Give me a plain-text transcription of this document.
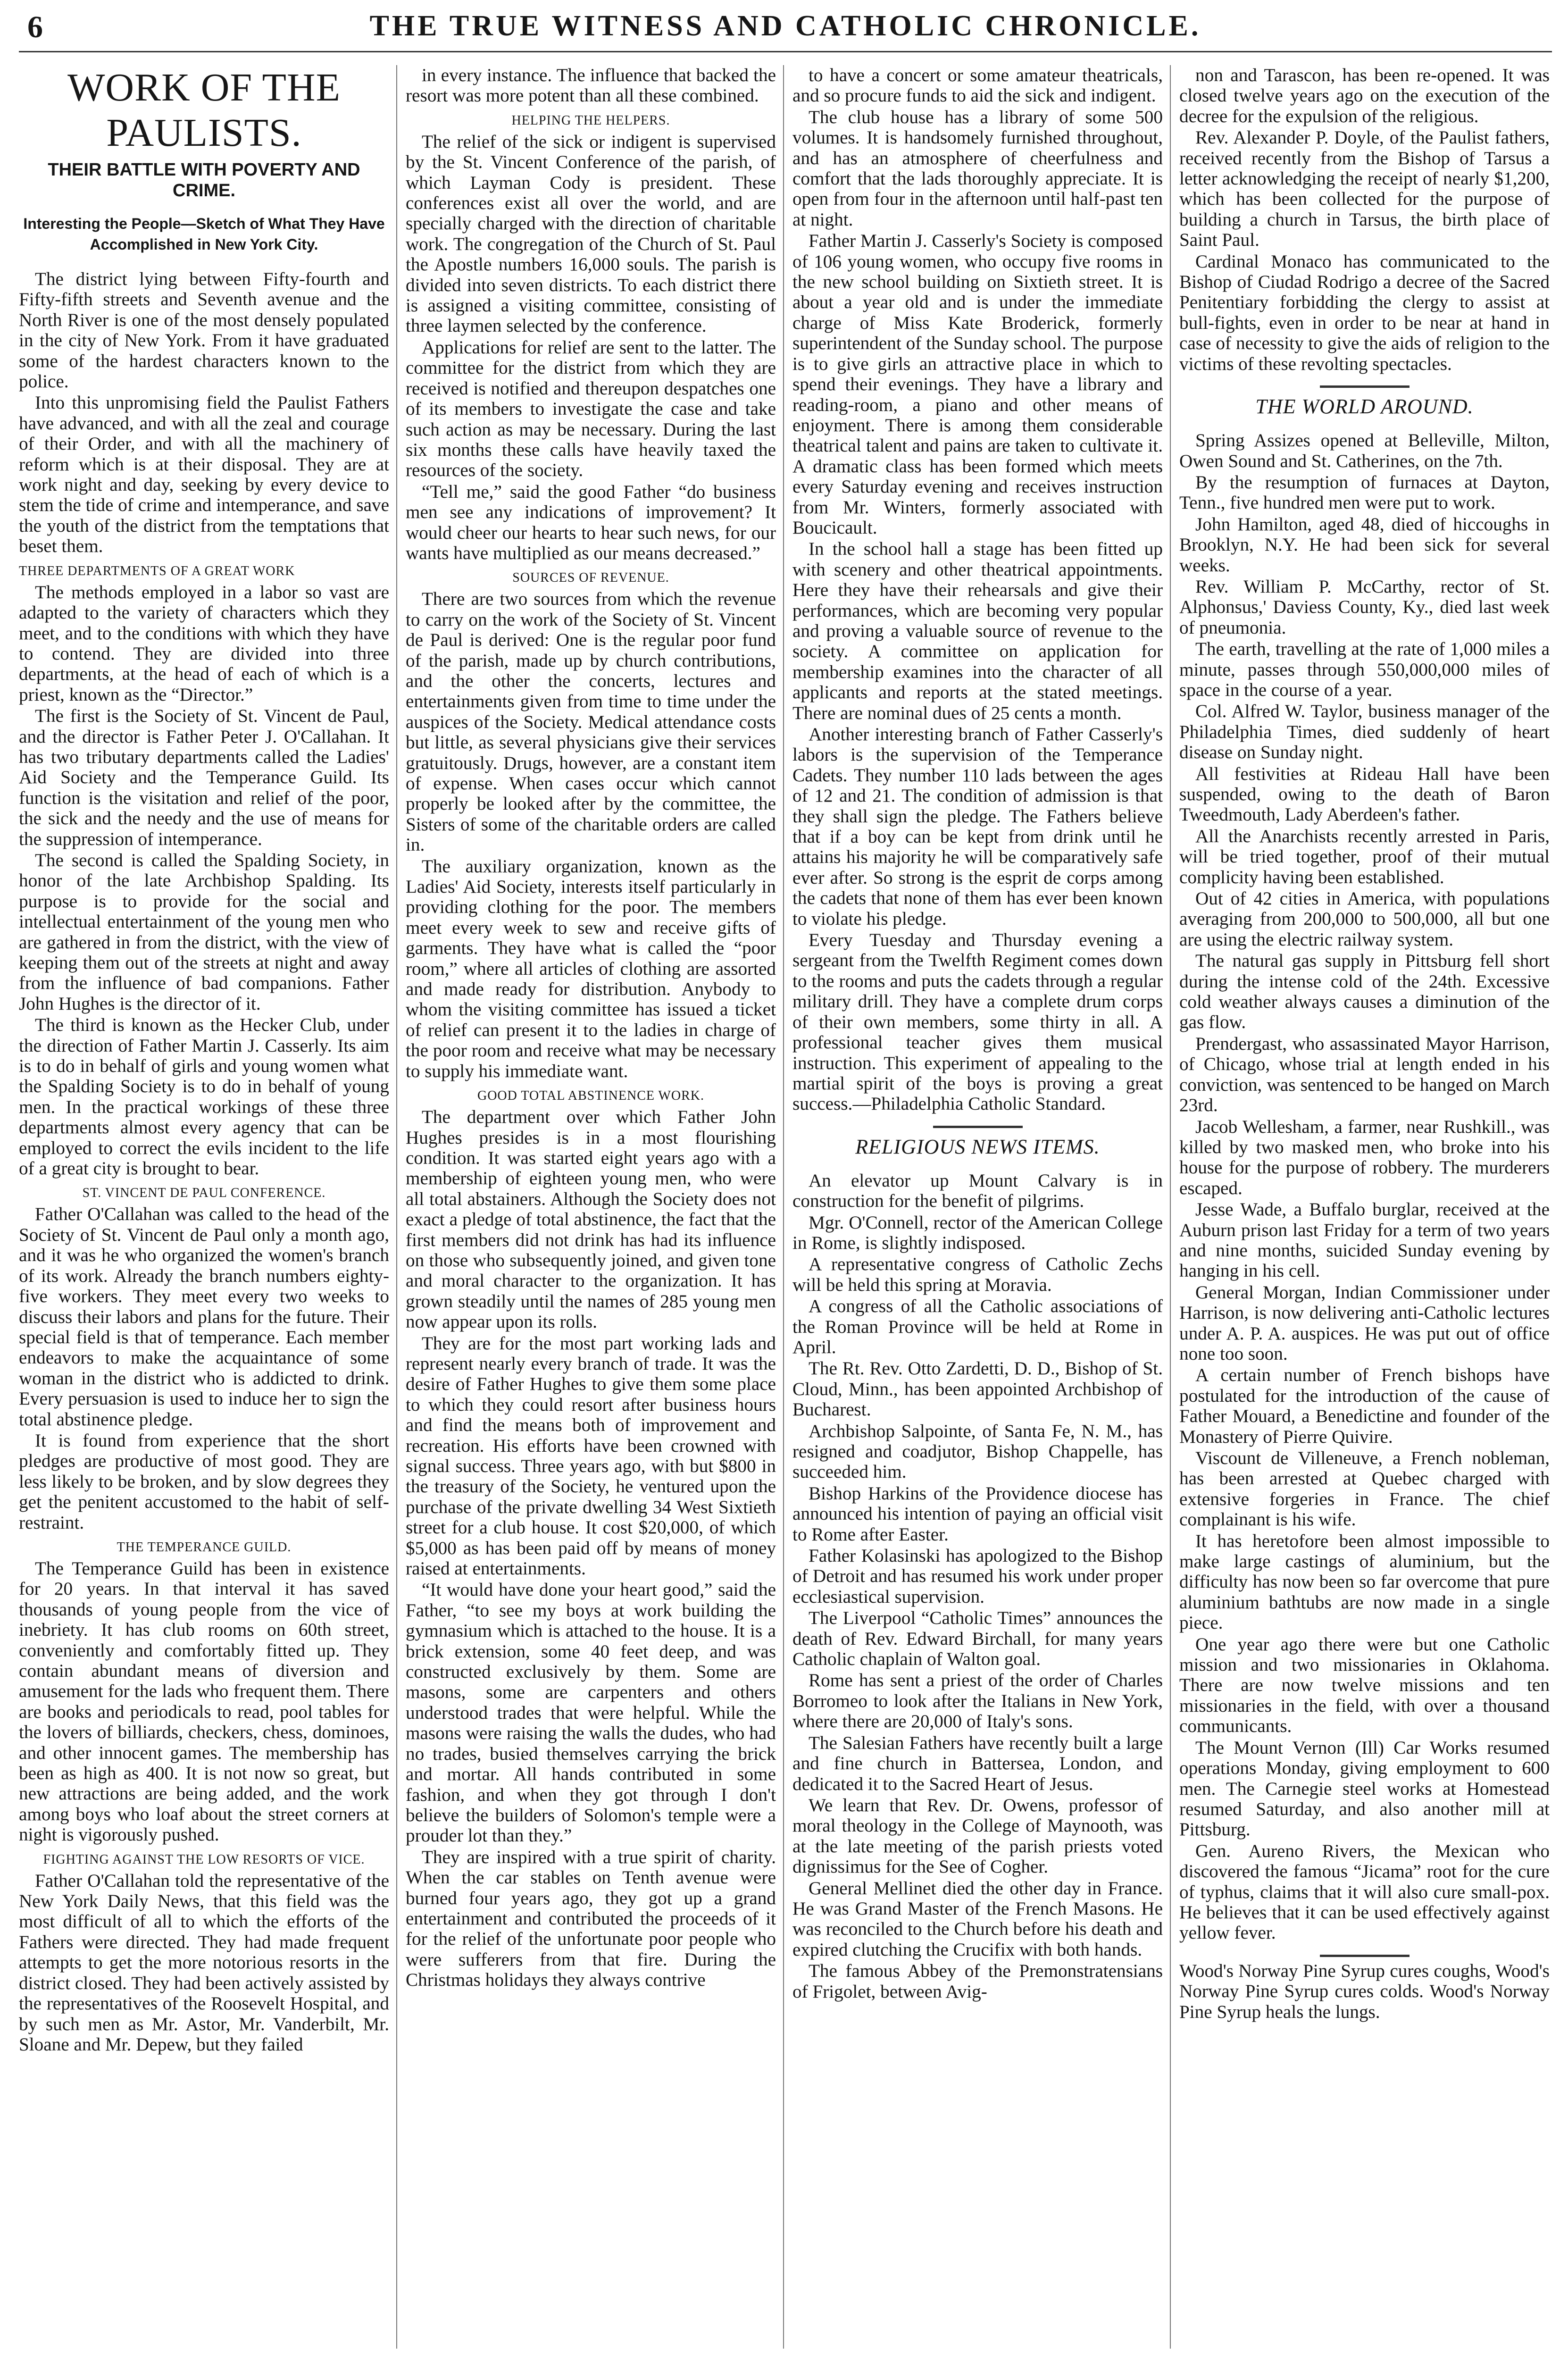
6	THE TRUE WITNESS AND CATHOLIC CHRONICLE.
WORK OF THE PAULISTS.
THEIR BATTLE WITH POVERTY AND CRIME.
Interesting the People—Sketch of What They Have Accomplished in New York City.

The district lying between Fifty-fourth and Fifty-fifth streets and Seventh avenue and the North River is one of the most densely populated in the city of New York. From it have graduated some of the hardest characters known to the police.

Into this unpromising field the Paulist Fathers have advanced, and with all the zeal and courage of their Order, and with all the machinery of reform which is at their disposal. They are at work night and day, seeking by every device to stem the tide of crime and intemperance, and save the youth of the district from the temptations that beset them.

THREE DEPARTMENTS OF A GREAT WORK

The methods employed in a labor so vast are adapted to the variety of characters which they meet, and to the conditions with which they have to contend. They are divided into three departments, at the head of each of which is a priest, known as the “Director.”

The first is the Society of St. Vincent de Paul, and the director is Father Peter J. O'Callahan. It has two tributary departments called the Ladies' Aid Society and the Temperance Guild. Its function is the visitation and relief of the poor, the sick and the needy and the use of means for the suppression of intemperance.

The second is called the Spalding Society, in honor of the late Archbishop Spalding. Its purpose is to provide for the social and intellectual entertainment of the young men who are gathered in from the district, with the view of keeping them out of the streets at night and away from the influence of bad companions. Father John Hughes is the director of it.

The third is known as the Hecker Club, under the direction of Father Martin J. Casserly. Its aim is to do in behalf of girls and young women what the Spalding Society is to do in behalf of young men. In the practical workings of these three departments almost every agency that can be employed to correct the evils incident to the life of a great city is brought to bear.

ST. VINCENT DE PAUL CONFERENCE.

Father O'Callahan was called to the head of the Society of St. Vincent de Paul only a month ago, and it was he who organized the women's branch of its work. Already the branch numbers eighty-five workers. They meet every two weeks to discuss their labors and plans for the future. Their special field is that of temperance. Each member endeavors to make the acquaintance of some woman in the district who is addicted to drink. Every persuasion is used to induce her to sign the total abstinence pledge.

It is found from experience that the short pledges are productive of most good. They are less likely to be broken, and by slow degrees they get the penitent accustomed to the habit of self-restraint.

THE TEMPERANCE GUILD.

The Temperance Guild has been in existence for 20 years. In that interval it has saved thousands of young people from the vice of inebriety. It has club rooms on 60th street, conveniently and comfortably fitted up. They contain abundant means of diversion and amusement for the lads who frequent them. There are books and periodicals to read, pool tables for the lovers of billiards, checkers, chess, dominoes, and other innocent games. The membership has been as high as 400. It is not now so great, but new attractions are being added, and the work among boys who loaf about the street corners at night is vigorously pushed.

FIGHTING AGAINST THE LOW RESORTS OF VICE.

Father O'Callahan told the representative of the New York Daily News, that this field was the most difficult of all to which the efforts of the Fathers were directed. They had made frequent attempts to get the more notorious resorts in the district closed. They had been actively assisted by the representatives of the Roosevelt Hospital, and by such men as Mr. Astor, Mr. Vanderbilt, Mr. Sloane and Mr. Depew, but they failed

in every instance. The influence that backed the resort was more potent than all these combined.

HELPING THE HELPERS.

The relief of the sick or indigent is supervised by the St. Vincent Conference of the parish, of which Layman Cody is president. These conferences exist all over the world, and are specially charged with the direction of charitable work. The congregation of the Church of St. Paul the Apostle numbers 16,000 souls. The parish is divided into seven districts. To each district there is assigned a visiting committee, consisting of three laymen selected by the conference.

Applications for relief are sent to the latter. The committee for the district from which they are received is notified and thereupon despatches one of its members to investigate the case and take such action as may be necessary. During the last six months these calls have heavily taxed the resources of the society.

“Tell me,” said the good Father “do business men see any indications of improvement? It would cheer our hearts to hear such news, for our wants have multiplied as our means decreased.”

SOURCES OF REVENUE.

There are two sources from which the revenue to carry on the work of the Society of St. Vincent de Paul is derived: One is the regular poor fund of the parish, made up by church contributions, and the other the concerts, lectures and entertainments given from time to time under the auspices of the Society. Medical attendance costs but little, as several physicians give their services gratuitously. Drugs, however, are a constant item of expense. When cases occur which cannot properly be looked after by the committee, the Sisters of some of the charitable orders are called in.

The auxiliary organization, known as the Ladies' Aid Society, interests itself particularly in providing clothing for the poor. The members meet every week to sew and receive gifts of garments. They have what is called the “poor room,” where all articles of clothing are assorted and made ready for distribution. Anybody to whom the visiting committee has issued a ticket of relief can present it to the ladies in charge of the poor room and receive what may be necessary to supply his immediate want.

GOOD TOTAL ABSTINENCE WORK.

The department over which Father John Hughes presides is in a most flourishing condition. It was started eight years ago with a membership of eighteen young men, who were all total abstainers. Although the Society does not exact a pledge of total abstinence, the fact that the first members did not drink has had its influence on those who subsequently joined, and given tone and moral character to the organization. It has grown steadily until the names of 285 young men now appear upon its rolls.

They are for the most part working lads and represent nearly every branch of trade. It was the desire of Father Hughes to give them some place to which they could resort after business hours and find the means both of improvement and recreation. His efforts have been crowned with signal success. Three years ago, with but $800 in the treasury of the Society, he ventured upon the purchase of the private dwelling 34 West Sixtieth street for a club house. It cost $20,000, of which $5,000 as has been paid off by means of money raised at entertainments.

“It would have done your heart good,” said the Father, “to see my boys at work building the gymnasium which is attached to the house. It is a brick extension, some 40 feet deep, and was constructed exclusively by them. Some are masons, some are carpenters and others understood trades that were helpful. While the masons were raising the walls the dudes, who had no trades, busied themselves carrying the brick and mortar. All hands contributed in some fashion, and when they got through I don't believe the builders of Solomon's temple were a prouder lot than they.”

They are inspired with a true spirit of charity. When the car stables on Tenth avenue were burned four years ago, they got up a grand entertainment and contributed the proceeds of it for the relief of the unfortunate poor people who were sufferers from that fire. During the Christmas holidays they always contrive

to have a concert or some amateur theatricals, and so procure funds to aid the sick and indigent.

The club house has a library of some 500 volumes. It is handsomely furnished throughout, and has an atmosphere of cheerfulness and comfort that the lads thoroughly appreciate. It is open from four in the afternoon until half-past ten at night.

Father Martin J. Casserly's Society is composed of 106 young women, who occupy five rooms in the new school building on Sixtieth street. It is about a year old and is under the immediate charge of Miss Kate Broderick, formerly superintendent of the Sunday school. The purpose is to give girls an attractive place in which to spend their evenings. They have a library and reading-room, a piano and other means of enjoyment. There is among them considerable theatrical talent and pains are taken to cultivate it. A dramatic class has been formed which meets every Saturday evening and receives instruction from Mr. Winters, formerly associated with Boucicault.

In the school hall a stage has been fitted up with scenery and other theatrical appointments. Here they have their rehearsals and give their performances, which are becoming very popular and proving a valuable source of revenue to the society. A committee on application for membership examines into the character of all applicants and reports at the stated meetings. There are nominal dues of 25 cents a month.

Another interesting branch of Father Casserly's labors is the supervision of the Temperance Cadets. They number 110 lads between the ages of 12 and 21. The condition of admission is that they shall sign the pledge. The Fathers believe that if a boy can be kept from drink until he attains his majority he will be comparatively safe ever after. So strong is the esprit de corps among the cadets that none of them has ever been known to violate his pledge.

Every Tuesday and Thursday evening a sergeant from the Twelfth Regiment comes down to the rooms and puts the cadets through a regular military drill. They have a complete drum corps of their own members, some thirty in all. A professional teacher gives them musical instruction. This experiment of appealing to the martial spirit of the boys is proving a great success.—Philadelphia Catholic Standard.

RELIGIOUS NEWS ITEMS.

An elevator up Mount Calvary is in construction for the benefit of pilgrims.

Mgr. O'Connell, rector of the American College in Rome, is slightly indisposed.

A representative congress of Catholic Zechs will be held this spring at Moravia.

A congress of all the Catholic associations of the Roman Province will be held at Rome in April.

The Rt. Rev. Otto Zardetti, D. D., Bishop of St. Cloud, Minn., has been appointed Archbishop of Bucharest.

Archbishop Salpointe, of Santa Fe, N. M., has resigned and coadjutor, Bishop Chappelle, has succeeded him.

Bishop Harkins of the Providence diocese has announced his intention of paying an official visit to Rome after Easter.

Father Kolasinski has apologized to the Bishop of Detroit and has resumed his work under proper ecclesiastical supervision.

The Liverpool “Catholic Times” announces the death of Rev. Edward Birchall, for many years Catholic chaplain of Walton goal.

Rome has sent a priest of the order of Charles Borromeo to look after the Italians in New York, where there are 20,000 of Italy's sons.

The Salesian Fathers have recently built a large and fine church in Battersea, London, and dedicated it to the Sacred Heart of Jesus.

We learn that Rev. Dr. Owens, professor of moral theology in the College of Maynooth, was at the late meeting of the parish priests voted dignissimus for the See of Cogher.

General Mellinet died the other day in France. He was Grand Master of the French Masons. He was reconciled to the Church before his death and expired clutching the Crucifix with both hands.

The famous Abbey of the Premonstratensians of Frigolet, between Avig-

non and Tarascon, has been re-opened. It was closed twelve years ago on the execution of the decree for the expulsion of the religious.

Rev. Alexander P. Doyle, of the Paulist fathers, received recently from the Bishop of Tarsus a letter acknowledging the receipt of nearly $1,200, which has been collected for the purpose of building a church in Tarsus, the birth place of Saint Paul.

Cardinal Monaco has communicated to the Bishop of Ciudad Rodrigo a decree of the Sacred Penitentiary forbidding the clergy to assist at bull-fights, even in order to be near at hand in case of necessity to give the aids of religion to the victims of these revolting spectacles.

THE WORLD AROUND.

Spring Assizes opened at Belleville, Milton, Owen Sound and St. Catherines, on the 7th.

By the resumption of furnaces at Dayton, Tenn., five hundred men were put to work.

John Hamilton, aged 48, died of hiccoughs in Brooklyn, N.Y. He had been sick for several weeks.

Rev. William P. McCarthy, rector of St. Alphonsus,' Daviess County, Ky., died last week of pneumonia.

The earth, travelling at the rate of 1,000 miles a minute, passes through 550,000,000 miles of space in the course of a year.

Col. Alfred W. Taylor, business manager of the Philadelphia Times, died suddenly of heart disease on Sunday night.

All festivities at Rideau Hall have been suspended, owing to the death of Baron Tweedmouth, Lady Aberdeen's father.

All the Anarchists recently arrested in Paris, will be tried together, proof of their mutual complicity having been established.

Out of 42 cities in America, with populations averaging from 200,000 to 500,000, all but one are using the electric railway system.

The natural gas supply in Pittsburg fell short during the intense cold of the 24th. Excessive cold weather always causes a diminution of the gas flow.

Prendergast, who assassinated Mayor Harrison, of Chicago, whose trial at length ended in his conviction, was sentenced to be hanged on March 23rd.

Jacob Wellesham, a farmer, near Rushkill., was killed by two masked men, who broke into his house for the purpose of robbery. The murderers escaped.

Jesse Wade, a Buffalo burglar, received at the Auburn prison last Friday for a term of two years and nine months, suicided Sunday evening by hanging in his cell.

General Morgan, Indian Commissioner under Harrison, is now delivering anti-Catholic lectures under A. P. A. auspices. He was put out of office none too soon.

A certain number of French bishops have postulated for the introduction of the cause of Father Mouard, a Benedictine and founder of the Monastery of Pierre Quivire.

Viscount de Villeneuve, a French nobleman, has been arrested at Quebec charged with extensive forgeries in France. The chief complainant is his wife.

It has heretofore been almost impossible to make large castings of aluminium, but the difficulty has now been so far overcome that pure aluminium bathtubs are now made in a single piece.

One year ago there were but one Catholic mission and two missionaries in Oklahoma. There are now twelve missions and ten missionaries in the field, with over a thousand communicants.

The Mount Vernon (Ill) Car Works resumed operations Monday, giving employment to 600 men. The Carnegie steel works at Homestead resumed Saturday, and also another mill at Pittsburg.

Gen. Aureno Rivers, the Mexican who discovered the famous “Jicama” root for the cure of typhus, claims that it will also cure small-pox. He believes that it can be used effectively against yellow fever.

Wood's Norway Pine Syrup cures coughs, Wood's Norway Pine Syrup cures colds. Wood's Norway Pine Syrup heals the lungs.
